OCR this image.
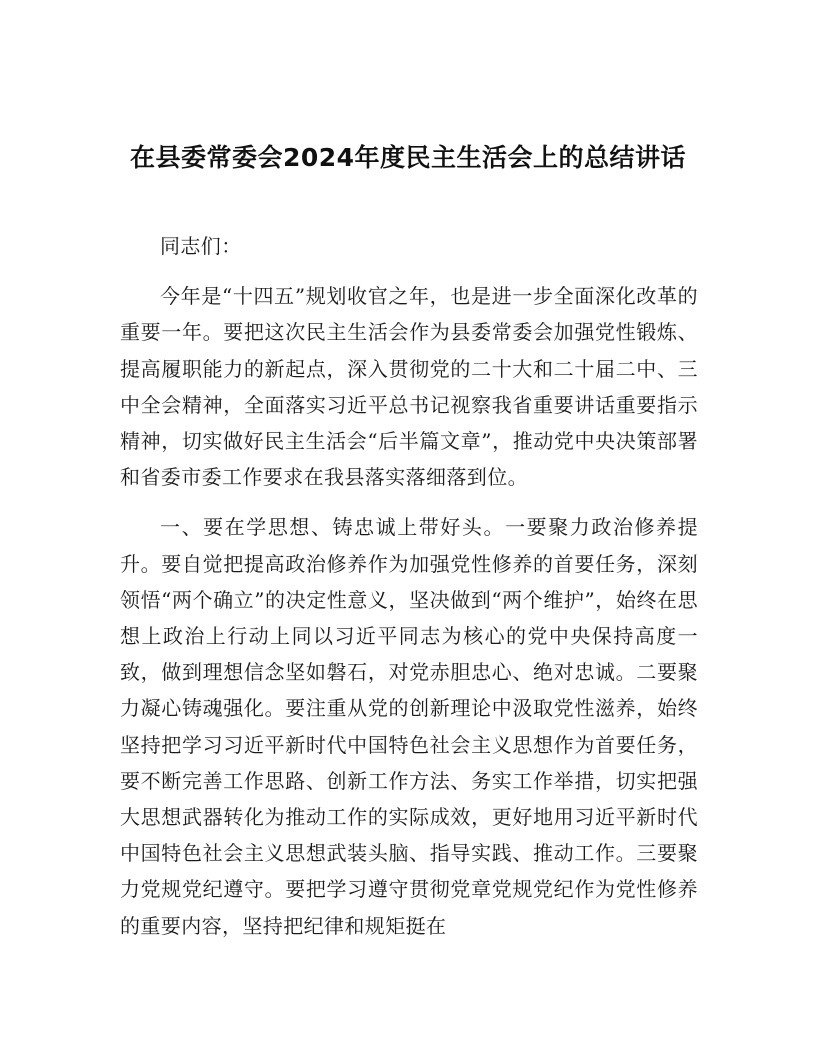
在县委常委会2024年度民主生活会上的总结讲话

同志们：

今年是“十四五”规划收官之年，也是进一步全面深化改革的重要一年。要把这次民主生活会作为县委常委会加强党性锻炼、提高履职能力的新起点，深入贯彻党的二十大和二十届二中、三中全会精神，全面落实习近平总书记视察我省重要讲话重要指示精神，切实做好民主生活会“后半篇文章”，推动党中央决策部署和省委市委工作要求在我县落实落细落到位。

一、要在学思想、铸忠诚上带好头。一要聚力政治修养提升。要自觉把提高政治修养作为加强党性修养的首要任务，深刻领悟“两个确立”的决定性意义，坚决做到“两个维护”，始终在思想上政治上行动上同以习近平同志为核心的党中央保持高度一致，做到理想信念坚如磐石，对党赤胆忠心、绝对忠诚。二要聚力凝心铸魂强化。要注重从党的创新理论中汲取党性滋养，始终坚持把学习习近平新时代中国特色社会主义思想作为首要任务，要不断完善工作思路、创新工作方法、务实工作举措，切实把强大思想武器转化为推动工作的实际成效，更好地用习近平新时代中国特色社会主义思想武装头脑、指导实践、推动工作。三要聚力党规党纪遵守。要把学习遵守贯彻党章党规党纪作为党性修养的重要内容，坚持把纪律和规矩挺在
